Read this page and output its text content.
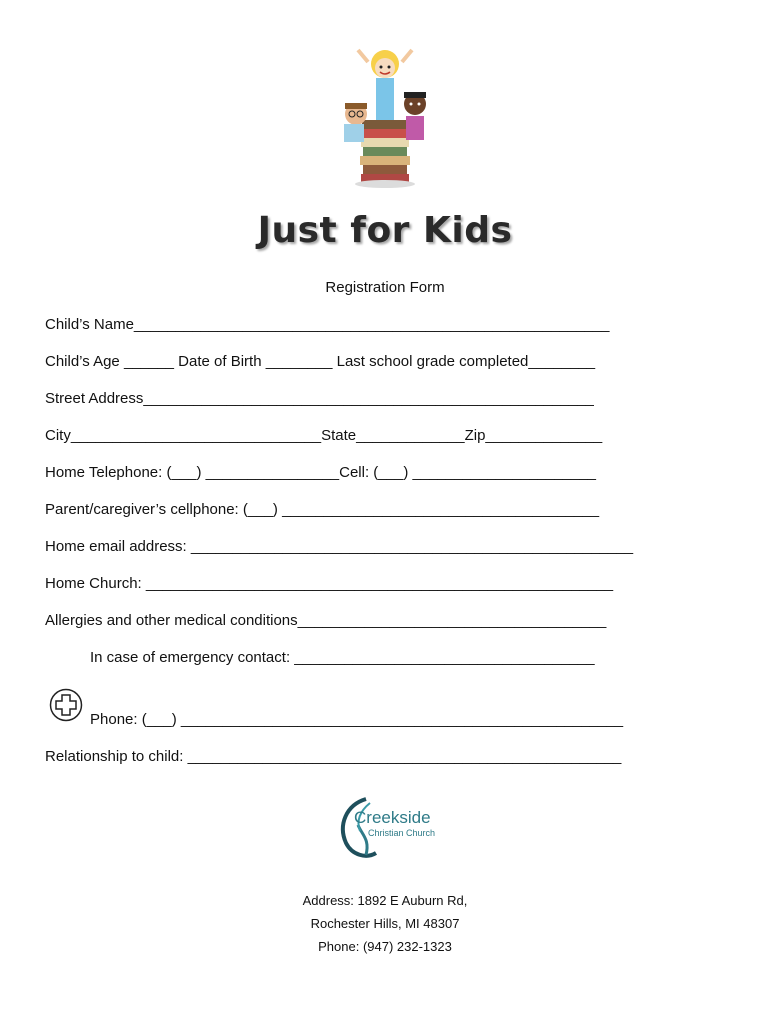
Just for Kids
Registration Form
Child’s Name_________________________________________________________
Child’s Age ______ Date of Birth ________ Last school grade completed________
Street Address______________________________________________________
City______________________________State_____________Zip______________
Home Telephone: (___) ________________Cell: (___) ______________________
Parent/caregiver’s cellphone: (___) ______________________________________
Home email address: _____________________________________________________
Home Church: ________________________________________________________
Allergies and other medical conditions_____________________________________
In case of emergency contact: ____________________________________
Phone: (___) _____________________________________________________
Relationship to child: ____________________________________________________
Creekside
Christian Church
Address: 1892 E Auburn Rd,
Rochester Hills, MI 48307
Phone: (947) 232-1323
